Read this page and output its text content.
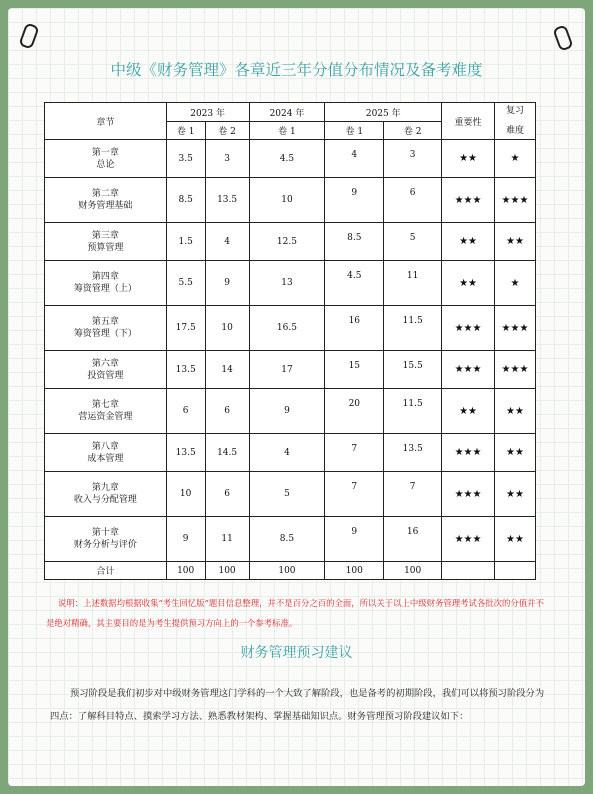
中级《财务管理》各章近三年分值分布情况及备考难度
章节	2023 年		2024 年	2025 年		重要性	复习
难度

	卷 1	卷 2	卷 1	卷 1	卷 2		

第一章
总论	3.5	3	4.5	4	3	★★	★

第二章
财务管理基础	8.5	13.5	10	9	6	★★★	★★★

第三章
预算管理	1.5	4	12.5	8.5	5	★★	★★

第四章
筹资管理（上）	5.5	9	13	4.5	11	★★	★

第五章
筹资管理（下）	17.5	10	16.5	16	11.5	★★★	★★★

第六章
投资管理	13.5	14	17	15	15.5	★★★	★★★

第七章
营运资金管理	6	6	9	20	11.5	★★	★★

第八章
成本管理	13.5	14.5	4	7	13.5	★★★	★★

第九章
收入与分配管理	10	6	5	7	7	★★★	★★

第十章
财务分析与评价	9	11	8.5	9	16	★★★	★★
合计	100	100	100	100	100		
说明：上述数据均根据收集“考生回忆版”题目信息整理，并不是百分之百的全面，所以关于以上中级财务管理考试各批次的分值并不是绝对精确，其主要目的是为考生提供预习方向上的一个参考标准。
财务管理预习建议
预习阶段是我们初步对中级财务管理这门学科的一个大致了解阶段，也是备考的初期阶段，我们可以将预习阶段分为四点：了解科目特点、摸索学习方法、熟悉教材架构、掌握基础知识点。财务管理预习阶段建议如下：
